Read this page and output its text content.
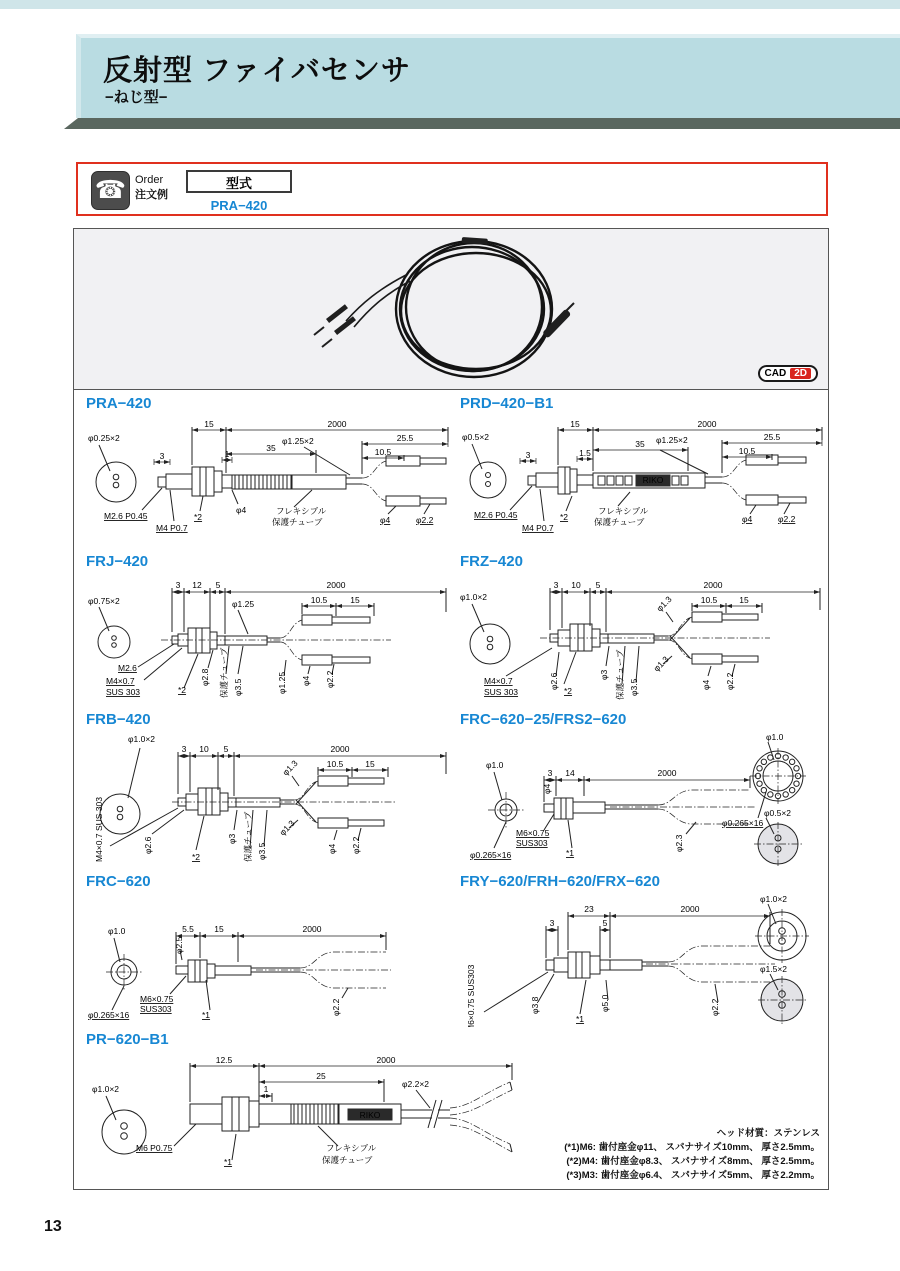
反射型 ファイバセンサ
−ねじ型−
☎ Order
注文例
型式
PRA−420
CAD 2D
PRA−420
φ0.25×2
15	2000
35
φ1.25×2	25.5
10.5
3	1
φ4	フレキシブル
保護チューブ
M2.6 P0.45	*2
M4 P0.7
φ4	φ2.2
PRD−420−B1
φ0.5×2
15	2000
35 φ1.25×2
1.5
3
25.5
10.5
RIKO
フレキシブル
保護チューブ
M2.6 P0.45	*2
M4 P0.7
φ4	φ2.2
FRJ−420
φ0.75×2
3 12 5	2000
φ1.25	10.5	15
M2.6
M4×0.7
SUS 303	*2
φ2.8 保護チューブ φ3.5	φ1.25 φ4 φ2.2
FRZ−420
φ1.0×2
3 10 5	2000
10.5	15
φ2.6	φ3 保護チューブ φ3.5
φ1.3
φ1.3
φ4 φ2.2
M4×0.7
SUS 303	*2
FRB−420
φ1.0×2
3 10 5	2000
10.5	15
M4×0.7 SUS 303	φ2.6	φ3 保護チューブ φ3.5
φ1.3
φ1.3
φ4 φ2.2
*2
FRC−620−25/FRS2−620
φ1.0
φ0.265×16
φ4
3 14	2000
M6×0.75
SUS303
*1
φ2.3
φ1.0
φ0.265×16
φ0.5×2
FRC−620
φ1.0
φ0.265×16
φ2.5
5.5 15	2000
M6×0.75
SUS303
*1	φ2.2
FRY−620/FRH−620/FRX−620
23	2000
3	5
M6×0.75 SUS303	φ3.8	φ5.0
*1
φ2.2
φ1.0×2
φ1.5×2
PR−620−B1
φ1.0×2
12.5	2000
25
1	φ2.2×2
RIKO
M6 P0.75
*1
フレキシブル
保護チューブ
ヘッド材質：ステンレス
(*1)M6: 歯付座金φ11、 スパナサイズ10mm、 厚さ2.5mm。
(*2)M4: 歯付座金φ8.3、 スパナサイズ8mm、 厚さ2.5mm。
(*3)M3: 歯付座金φ6.4、 スパナサイズ5mm、 厚さ2.2mm。
13
